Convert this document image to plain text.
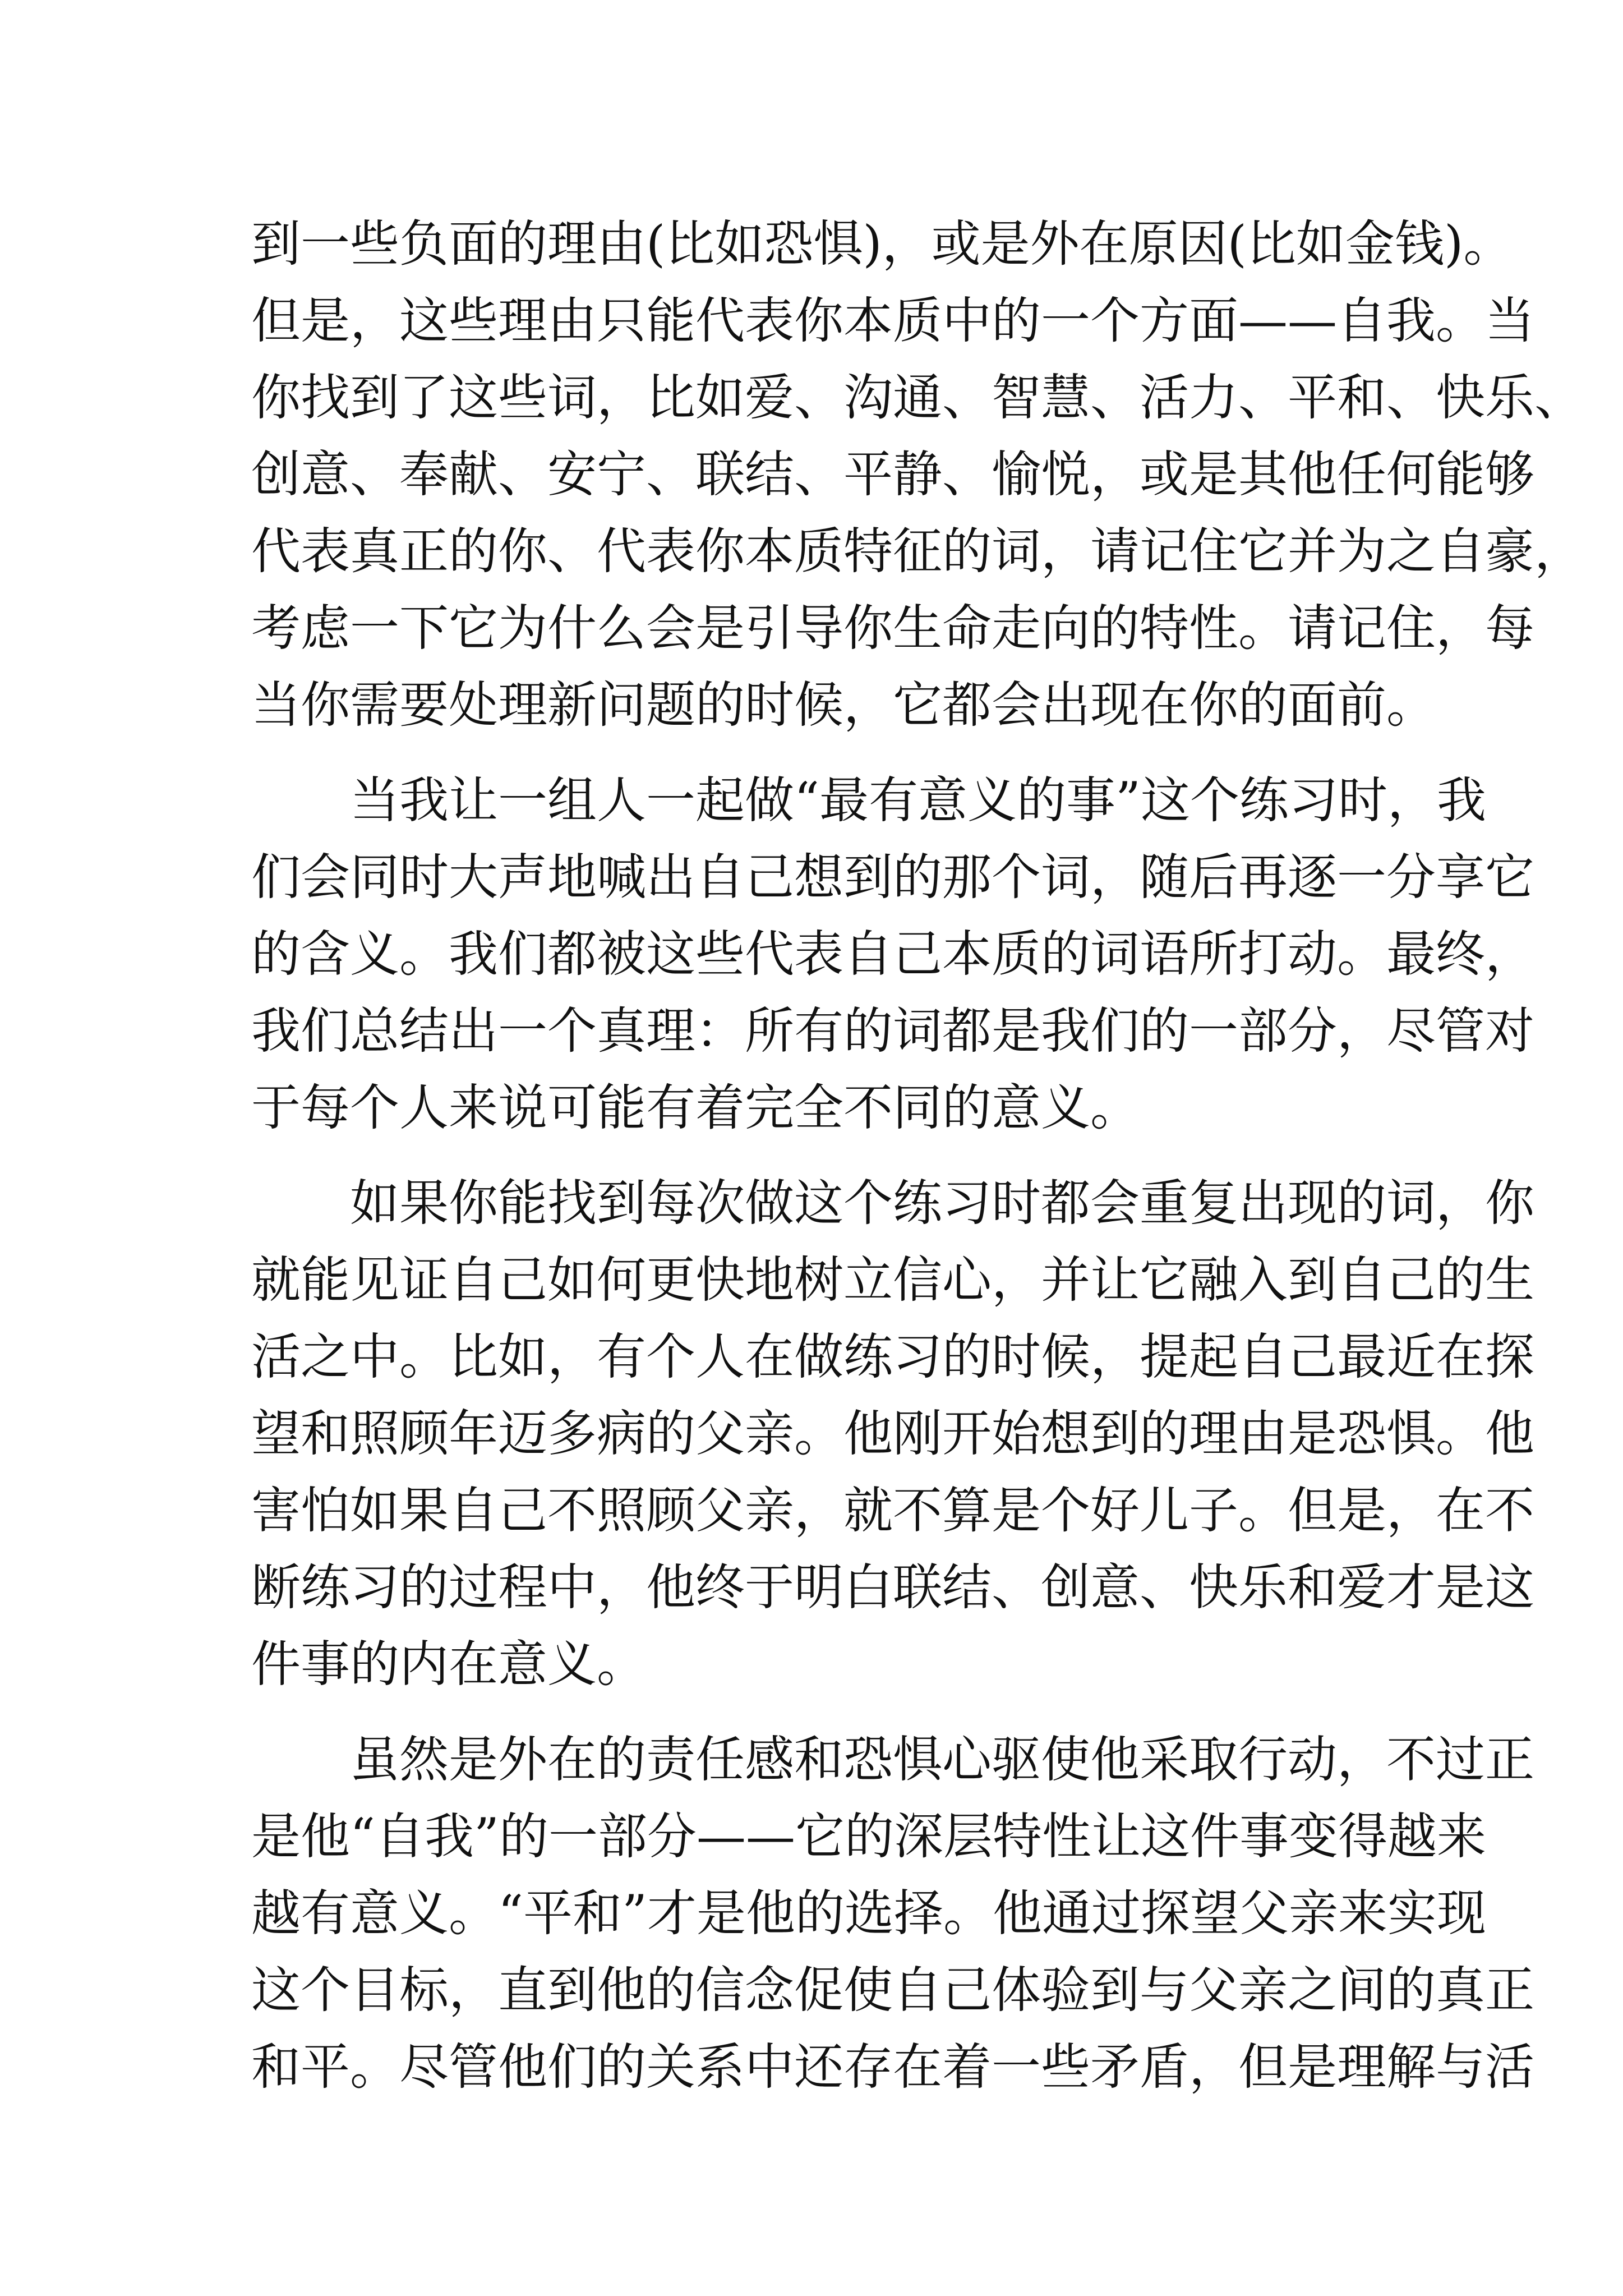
到一些负面的理由(比如恐惧)，或是外在原因(比如金钱)。
但是，这些理由只能代表你本质中的一个方面——自我。当
你找到了这些词，比如爱、沟通、智慧、活力、平和、快乐、
创意、奉献、安宁、联结、平静、愉悦，或是其他任何能够
代表真正的你、代表你本质特征的词，请记住它并为之自豪，
考虑一下它为什么会是引导你生命走向的特性。请记住，每
当你需要处理新问题的时候，它都会出现在你的面前。
　　当我让一组人一起做“最有意义的事”这个练习时，我
们会同时大声地喊出自己想到的那个词，随后再逐一分享它
的含义。我们都被这些代表自己本质的词语所打动。最终，
我们总结出一个真理：所有的词都是我们的一部分，尽管对
于每个人来说可能有着完全不同的意义。
　　如果你能找到每次做这个练习时都会重复出现的词，你
就能见证自己如何更快地树立信心，并让它融入到自己的生
活之中。比如，有个人在做练习的时候，提起自己最近在探
望和照顾年迈多病的父亲。他刚开始想到的理由是恐惧。他
害怕如果自己不照顾父亲，就不算是个好儿子。但是，在不
断练习的过程中，他终于明白联结、创意、快乐和爱才是这
件事的内在意义。
　　虽然是外在的责任感和恐惧心驱使他采取行动，不过正
是他“自我”的一部分——它的深层特性让这件事变得越来
越有意义。“平和”才是他的选择。他通过探望父亲来实现
这个目标，直到他的信念促使自己体验到与父亲之间的真正
和平。尽管他们的关系中还存在着一些矛盾，但是理解与活
